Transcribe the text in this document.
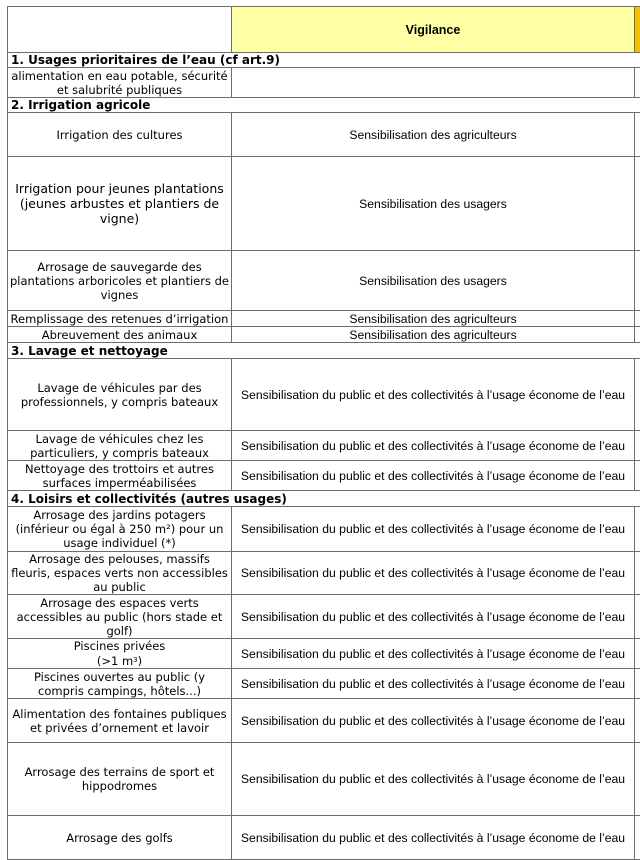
	Vigilance	
1. Usages prioritaires de l’eau (cf art.9)		
alimentation en eau potable, sécurité et salubrité publiques		
2. Irrigation agricole		
Irrigation des cultures	Sensibilisation des agriculteurs	
Irrigation pour jeunes plantations (jeunes arbustes et plantiers de vigne)	Sensibilisation des usagers	
Arrosage de sauvegarde des plantations arboricoles et plantiers de vignes	Sensibilisation des usagers	
Remplissage des retenues d’irrigation	Sensibilisation des agriculteurs	
Abreuvement des animaux	Sensibilisation des agriculteurs	
3. Lavage et nettoyage		
Lavage de véhicules par des professionnels, y compris bateaux	Sensibilisation du public et des collectivités à l’usage économe de l’eau	
Lavage de véhicules chez les particuliers, y compris bateaux	Sensibilisation du public et des collectivités à l’usage économe de l’eau	
Nettoyage des trottoirs et autres surfaces imperméabilisées	Sensibilisation du public et des collectivités à l’usage économe de l’eau	
4. Loisirs et collectivités (autres usages)		
Arrosage des jardins potagers (inférieur ou égal à 250 m²) pour un usage individuel (*)	Sensibilisation du public et des collectivités à l’usage économe de l’eau	
Arrosage des pelouses, massifs fleuris, espaces verts non accessibles au public	Sensibilisation du public et des collectivités à l’usage économe de l’eau	
Arrosage des espaces verts accessibles au public (hors stade et golf)	Sensibilisation du public et des collectivités à l’usage économe de l’eau	
Piscines privées
(>1 $m^3$)	Sensibilisation du public et des collectivités à l’usage économe de l’eau	
Piscines ouvertes au public (y compris campings, hôtels...)	Sensibilisation du public et des collectivités à l’usage économe de l’eau	
Alimentation des fontaines publiques et privées d’ornement et lavoir	Sensibilisation du public et des collectivités à l’usage économe de l’eau	
Arrosage des terrains de sport et hippodromes	Sensibilisation du public et des collectivités à l’usage économe de l’eau	
Arrosage des golfs	Sensibilisation du public et des collectivités à l’usage économe de l’eau	
